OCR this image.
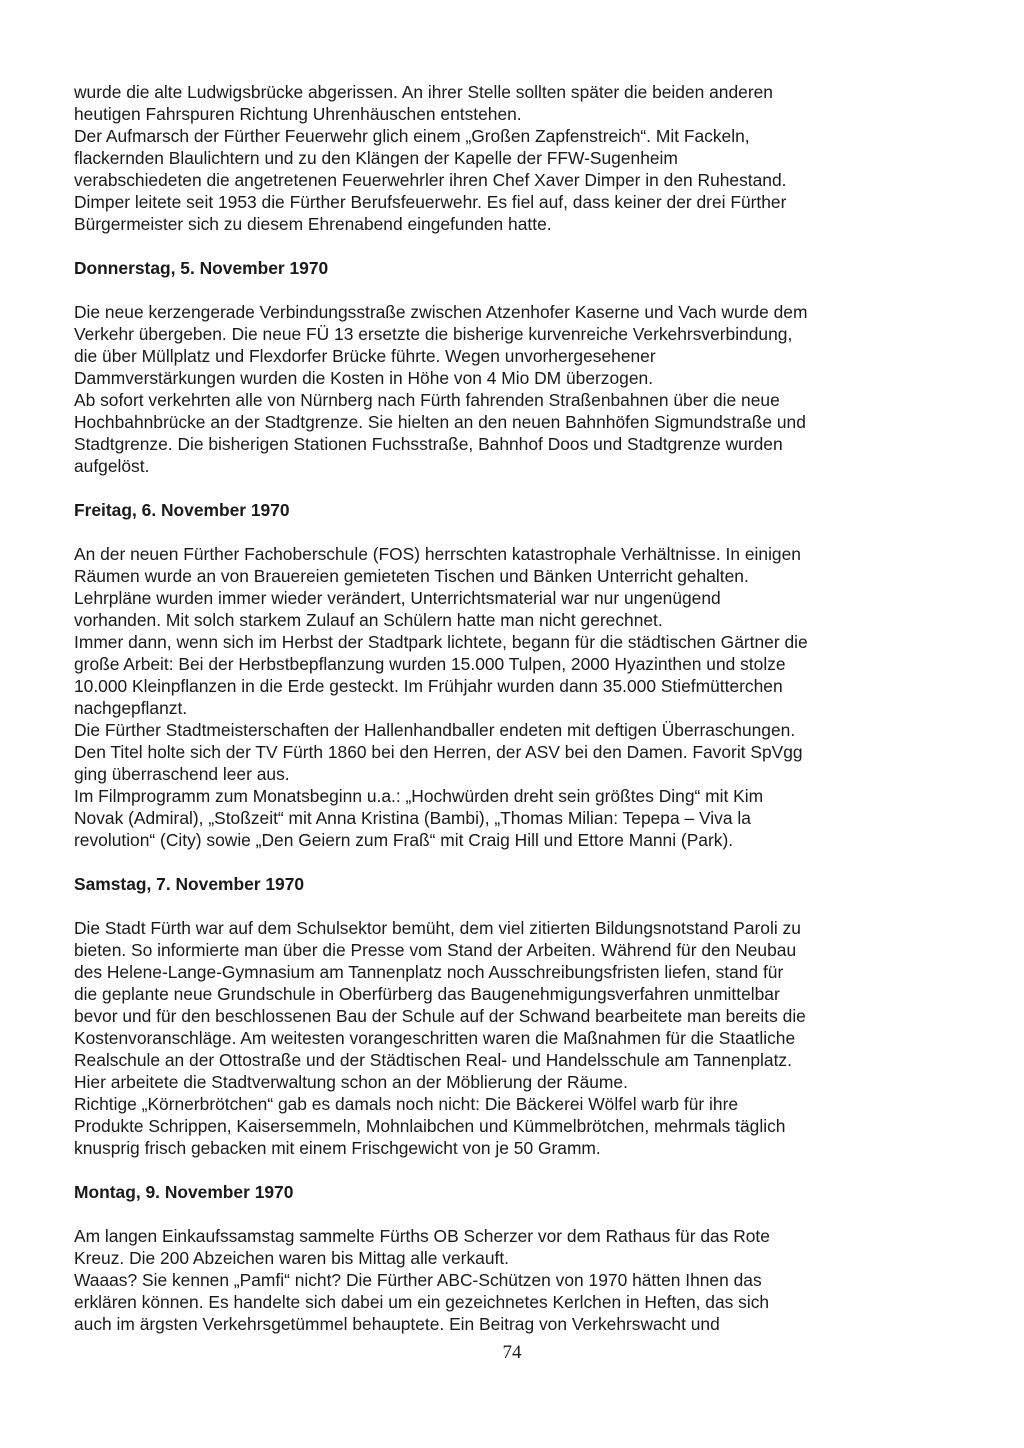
wurde die alte Ludwigsbrücke abgerissen. An ihrer Stelle sollten später die beiden anderen
heutigen Fahrspuren Richtung Uhrenhäuschen entstehen.
Der Aufmarsch der Fürther Feuerwehr glich einem „Großen Zapfenstreich“. Mit Fackeln,
flackernden Blaulichtern und zu den Klängen der Kapelle der FFW-Sugenheim
verabschiedeten die angetretenen Feuerwehrler ihren Chef Xaver Dimper in den Ruhestand.
Dimper leitete seit 1953 die Fürther Berufsfeuerwehr. Es fiel auf, dass keiner der drei Fürther
Bürgermeister sich zu diesem Ehrenabend eingefunden hatte.

Donnerstag, 5. November 1970

Die neue kerzengerade Verbindungsstraße zwischen Atzenhofer Kaserne und Vach wurde dem
Verkehr übergeben. Die neue FÜ 13 ersetzte die bisherige kurvenreiche Verkehrsverbindung,
die über Müllplatz und Flexdorfer Brücke führte. Wegen unvorhergesehener
Dammverstärkungen wurden die Kosten in Höhe von 4 Mio DM überzogen.
Ab sofort verkehrten alle von Nürnberg nach Fürth fahrenden Straßenbahnen über die neue
Hochbahnbrücke an der Stadtgrenze. Sie hielten an den neuen Bahnhöfen Sigmundstraße und
Stadtgrenze. Die bisherigen Stationen Fuchsstraße, Bahnhof Doos und Stadtgrenze wurden
aufgelöst.

Freitag, 6. November 1970

An der neuen Fürther Fachoberschule (FOS) herrschten katastrophale Verhältnisse. In einigen
Räumen wurde an von Brauereien gemieteten Tischen und Bänken Unterricht gehalten.
Lehrpläne wurden immer wieder verändert, Unterrichtsmaterial war nur ungenügend
vorhanden. Mit solch starkem Zulauf an Schülern hatte man nicht gerechnet.
Immer dann, wenn sich im Herbst der Stadtpark lichtete, begann für die städtischen Gärtner die
große Arbeit: Bei der Herbstbepflanzung wurden 15.000 Tulpen, 2000 Hyazinthen und stolze
10.000 Kleinpflanzen in die Erde gesteckt. Im Frühjahr wurden dann 35.000 Stiefmütterchen
nachgepflanzt.
Die Fürther Stadtmeisterschaften der Hallenhandballer endeten mit deftigen Überraschungen.
Den Titel holte sich der TV Fürth 1860 bei den Herren, der ASV bei den Damen. Favorit SpVgg
ging überraschend leer aus.
Im Filmprogramm zum Monatsbeginn u.a.: „Hochwürden dreht sein größtes Ding“ mit Kim
Novak (Admiral), „Stoßzeit“ mit Anna Kristina (Bambi), „Thomas Milian: Tepepa – Viva la
revolution“ (City) sowie „Den Geiern zum Fraß“ mit Craig Hill und Ettore Manni (Park).

Samstag, 7. November 1970

Die Stadt Fürth war auf dem Schulsektor bemüht, dem viel zitierten Bildungsnotstand Paroli zu
bieten. So informierte man über die Presse vom Stand der Arbeiten. Während für den Neubau
des Helene-Lange-Gymnasium am Tannenplatz noch Ausschreibungsfristen liefen, stand für
die geplante neue Grundschule in Oberfürberg das Baugenehmigungsverfahren unmittelbar
bevor und für den beschlossenen Bau der Schule auf der Schwand bearbeitete man bereits die
Kostenvoranschläge. Am weitesten vorangeschritten waren die Maßnahmen für die Staatliche
Realschule an der Ottostraße und der Städtischen Real- und Handelsschule am Tannenplatz.
Hier arbeitete die Stadtverwaltung schon an der Möblierung der Räume.
Richtige „Körnerbrötchen“ gab es damals noch nicht: Die Bäckerei Wölfel warb für ihre
Produkte Schrippen, Kaisersemmeln, Mohnlaibchen und Kümmelbrötchen, mehrmals täglich
knusprig frisch gebacken mit einem Frischgewicht von je 50 Gramm.

Montag, 9. November 1970

Am langen Einkaufssamstag sammelte Fürths OB Scherzer vor dem Rathaus für das Rote
Kreuz. Die 200 Abzeichen waren bis Mittag alle verkauft.
Waaas? Sie kennen „Pamfi“ nicht? Die Fürther ABC-Schützen von 1970 hätten Ihnen das
erklären können. Es handelte sich dabei um ein gezeichnetes Kerlchen in Heften, das sich
auch im ärgsten Verkehrsgetümmel behauptete. Ein Beitrag von Verkehrswacht und

74
